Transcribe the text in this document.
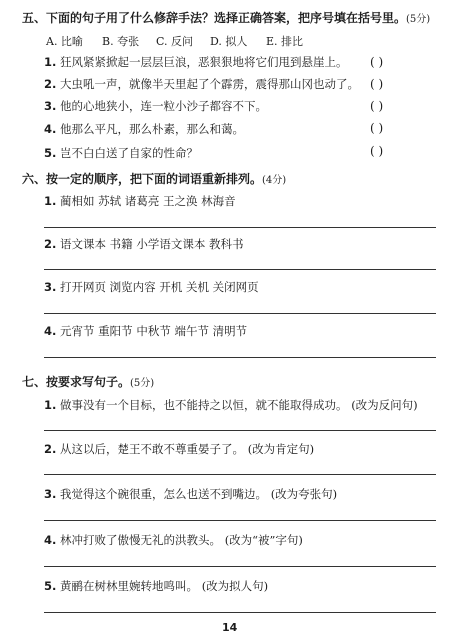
五、下面的句子用了什么修辞手法？选择正确答案，把序号填在括号里。(5分)
A. 比喻 B. 夸张 C. 反问 D. 拟人 E. 排比
1. 狂风紧紧掀起一层层巨浪，恶狠狠地将它们甩到悬崖上。 ( )
2. 大虫吼一声，就像半天里起了个霹雳，震得那山冈也动了。 ( )
3. 他的心地狭小，连一粒小沙子都容不下。	( )
4. 他那么平凡，那么朴素，那么和蔼。	( )
5. 岂不白白送了自家的性命？	( )
六、按一定的顺序，把下面的词语重新排列。(4分)
1. 蔺相如 苏轼 诸葛亮 王之涣 林海音
2. 语文课本 书籍 小学语文课本 教科书
3. 打开网页 浏览内容 开机 关机 关闭网页
4. 元宵节 重阳节 中秋节 端午节 清明节
七、按要求写句子。(5分)
1. 做事没有一个目标，也不能持之以恒，就不能取得成功。 (改为反问句)
2. 从这以后，楚王不敢不尊重晏子了。 (改为肯定句)
3. 我觉得这个碗很重，怎么也送不到嘴边。 (改为夸张句)
4. 林冲打败了傲慢无礼的洪教头。 (改为“被”字句)
5. 黄鹂在树林里婉转地鸣叫。 (改为拟人句)
14
